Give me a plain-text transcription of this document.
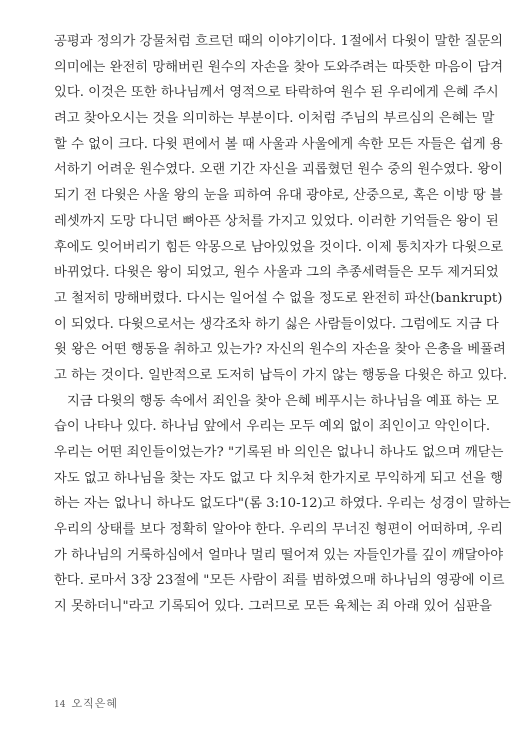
공평과 정의가 강물처럼 흐르던 때의 이야기이다. 1절에서 다윗이 말한 질문의
의미에는 완전히 망해버린 원수의 자손을 찾아 도와주려는 따뜻한 마음이 담겨
있다. 이것은 또한 하나님께서 영적으로 타락하여 원수 된 우리에게 은혜 주시
려고 찾아오시는 것을 의미하는 부분이다. 이처럼 주님의 부르심의 은혜는 말
할 수 없이 크다. 다윗 편에서 볼 때 사울과 사울에게 속한 모든 자들은 쉽게 용
서하기 어려운 원수였다. 오랜 기간 자신을 괴롭혔던 원수 중의 원수였다. 왕이
되기 전 다윗은 사울 왕의 눈을 피하여 유대 광야로, 산중으로, 혹은 이방 땅 블
레셋까지 도망 다니던 뼈아픈 상처를 가지고 있었다. 이러한 기억들은 왕이 된
후에도 잊어버리기 힘든 악몽으로 남아있었을 것이다. 이제 통치자가 다윗으로
바뀌었다. 다윗은 왕이 되었고, 원수 사울과 그의 추종세력들은 모두 제거되었
고 철저히 망해버렸다. 다시는 일어설 수 없을 정도로 완전히 파산(bankrupt)
이 되었다. 다윗으로서는 생각조차 하기 싫은 사람들이었다. 그럼에도 지금 다
윗 왕은 어떤 행동을 취하고 있는가? 자신의 원수의 자손을 찾아 은총을 베풀려
고 하는 것이다. 일반적으로 도저히 납득이 가지 않는 행동을 다윗은 하고 있다.
지금 다윗의 행동 속에서 죄인을 찾아 은혜 베푸시는 하나님을 예표 하는 모
습이 나타나 있다. 하나님 앞에서 우리는 모두 예외 없이 죄인이고 악인이다.
우리는 어떤 죄인들이었는가? "기록된 바 의인은 없나니 하나도 없으며 깨닫는
자도 없고 하나님을 찾는 자도 없고 다 치우쳐 한가지로 무익하게 되고 선을 행
하는 자는 없나니 하나도 없도다"(롬 3:10-12)고 하였다. 우리는 성경이 말하는
우리의 상태를 보다 정확히 알아야 한다. 우리의 무너진 형편이 어떠하며, 우리
가 하나님의 거룩하심에서 얼마나 멀리 떨어져 있는 자들인가를 깊이 깨달아야
한다. 로마서 3장 23절에 "모든 사람이 죄를 범하였으매 하나님의 영광에 이르
지 못하더니"라고 기록되어 있다. 그러므로 모든 육체는 죄 아래 있어 심판을
14 오직은혜
